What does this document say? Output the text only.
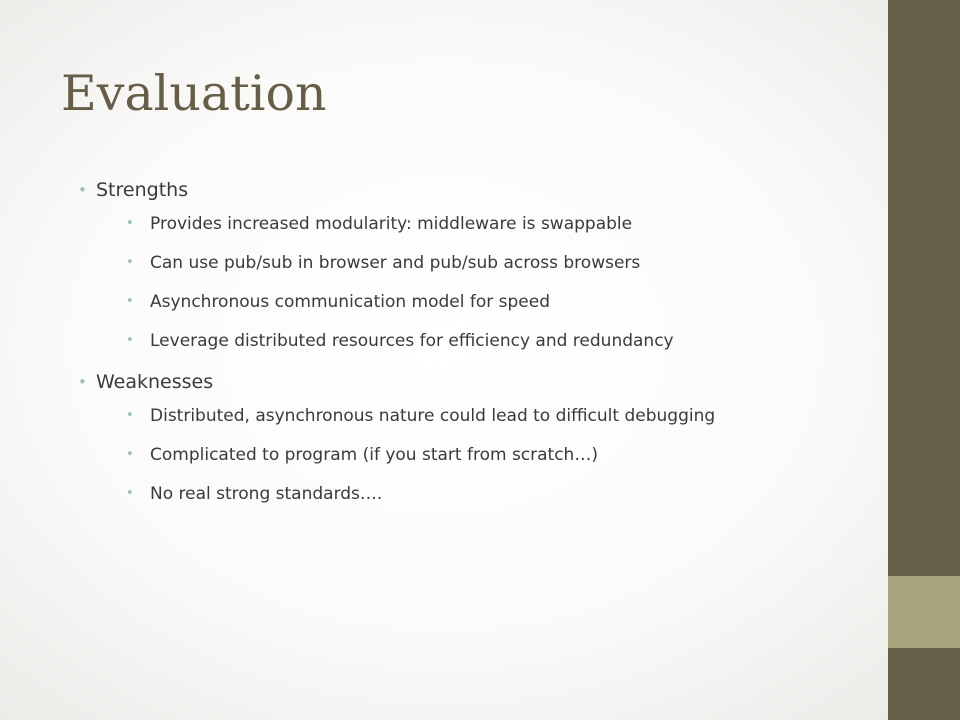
Evaluation
• Strengths
• Provides increased modularity: middleware is swappable
• Can use pub/sub in browser and pub/sub across browsers
• Asynchronous communication model for speed
• Leverage distributed resources for efficiency and redundancy
• Weaknesses
• Distributed, asynchronous nature could lead to difficult debugging
• Complicated to program (if you start from scratch…)
• No real strong standards….
